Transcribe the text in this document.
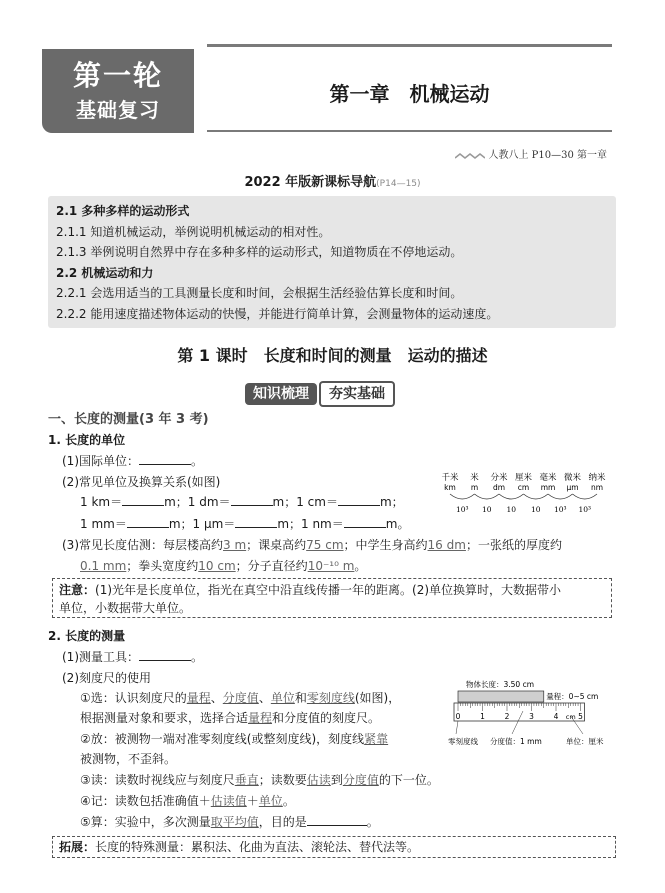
第一轮
基础复习
第一章　机械运动
人教八上 P10—30 第一章
2022 年版新课标导航(P14—15)
2.1 多种多样的运动形式
2.1.1 知道机械运动，举例说明机械运动的相对性。
2.1.3 举例说明自然界中存在多种多样的运动形式，知道物质在不停地运动。
2.2 机械运动和力
2.2.1 会选用适当的工具测量长度和时间，会根据生活经验估算长度和时间。
2.2.2 能用速度描述物体运动的快慢，并能进行简单计算，会测量物体的运动速度。
第 1 课时　长度和时间的测量　运动的描述
知识梳理 夯实基础
一、长度的测量(3 年 3 考)
1. 长度的单位
(1)国际单位：	。
(2)常见单位及换算关系(如图)
1 km＝	m；1 dm＝	m；1 cm＝	m；
1 mm＝	m；1 μm＝	m；1 nm＝	m。
千米
km
米
m
分米
dm
厘米
cm
毫米
mm
微米
μm
纳米
nm
10³ 10 10 10 10³ 10³
(3)常见长度估测：每层楼高约3 m；课桌高约75 cm；中学生身高约16 dm；一张纸的厚度约
0.1 mm；拳头宽度约10 cm；分子直径约10⁻¹⁰ m。
注意：(1)光年是长度单位，指光在真空中沿直线传播一年的距离。(2)单位换算时，大数据带小
单位，小数据带大单位。
2. 长度的测量
(1)测量工具：	。
(2)刻度尺的使用
①选：认识刻度尺的量程、分度值、单位和零刻度线(如图)，
根据测量对象和要求，选择合适量程和分度值的刻度尺。
②放：被测物一端对准零刻度线(或整刻度线)，刻度线紧靠
被测物，不歪斜。
③读：读数时视线应与刻度尺垂直；读数要估读到分度值的下一位。
④记：读数包括准确值＋估读值＋单位。
⑤算：实验中，多次测量取平均值，目的是	。
物体长度：3.50 cm
量程：0~5 cm
0	1	2	3	4	5
cm
零刻度线 分度值：1 mm	单位：厘米
拓展：长度的特殊测量：累积法、化曲为直法、滚轮法、替代法等。
